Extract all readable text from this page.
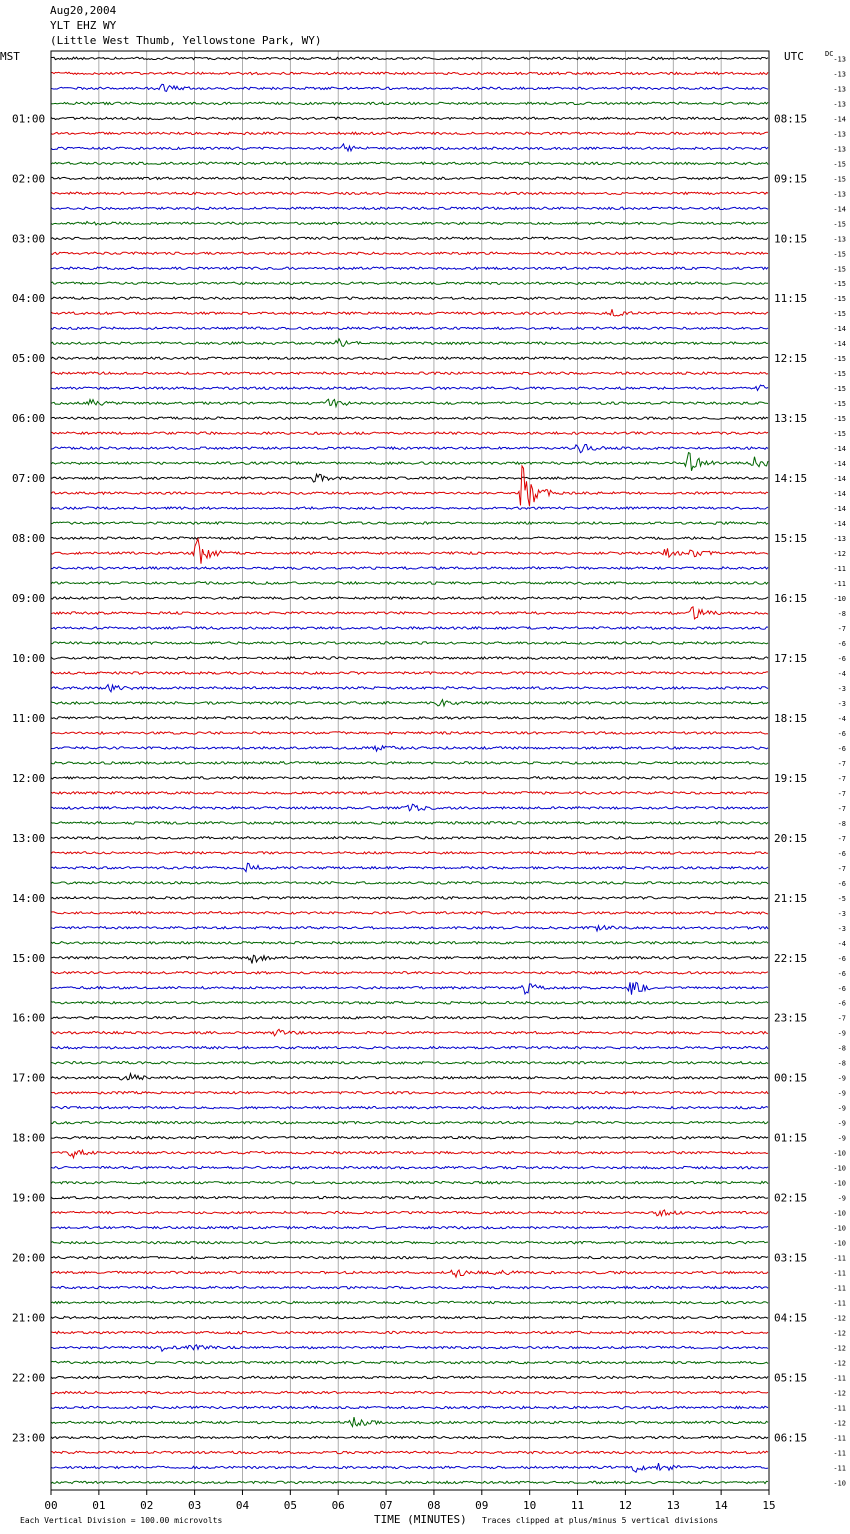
Aug20,2004
YLT EHZ WY
(Little West Thumb, Yellowstone Park, WY)
MST	UTC	DC
01:00
02:00
03:00
04:00
05:00
06:00
07:00
08:00
09:00
10:00
11:00
12:00
13:00
14:00
15:00
16:00
17:00
18:00
19:00
20:00
21:00
22:00
23:00
08:15
09:15
10:15
11:15
12:15
13:15
14:15
15:15
16:15
17:15
18:15
19:15
20:15
21:15
22:15
23:15
00:15
01:15
02:15
03:15
04:15
05:15
06:15
-13
-13
-13
-13
-14
-13
-13
-15
-15
-13
-14
-15
-13
-15
-15
-15
-15
-15
-14
-14
-15
-15
-15
-15
-15
-15
-14
-14
-14
-14
-14
-14
-13
-12
-11
-11
-10
-8
-7
-6
-6
-4
-3
-3
-4
-6
-6
-7
-7
-7
-7
-8
-7
-6
-7
-6
-5
-3
-3
-4
-6
-6
-6
-6
-7
-9
-8
-8
-9
-9
-9
-9
-9
-10
-10
-10
-9
-10
-10
-10
-11
-11
-11
-11
-12
-12
-12
-12
-11
-12
-11
-12
-11
-11
-11
-10
00	01	02	03	04	05	06	07	08	09	10	11	12	13	14	15
Each Vertical Division = 100.00 microvolts	TIME (MINUTES) Traces clipped at plus/minus 5 vertical divisions
